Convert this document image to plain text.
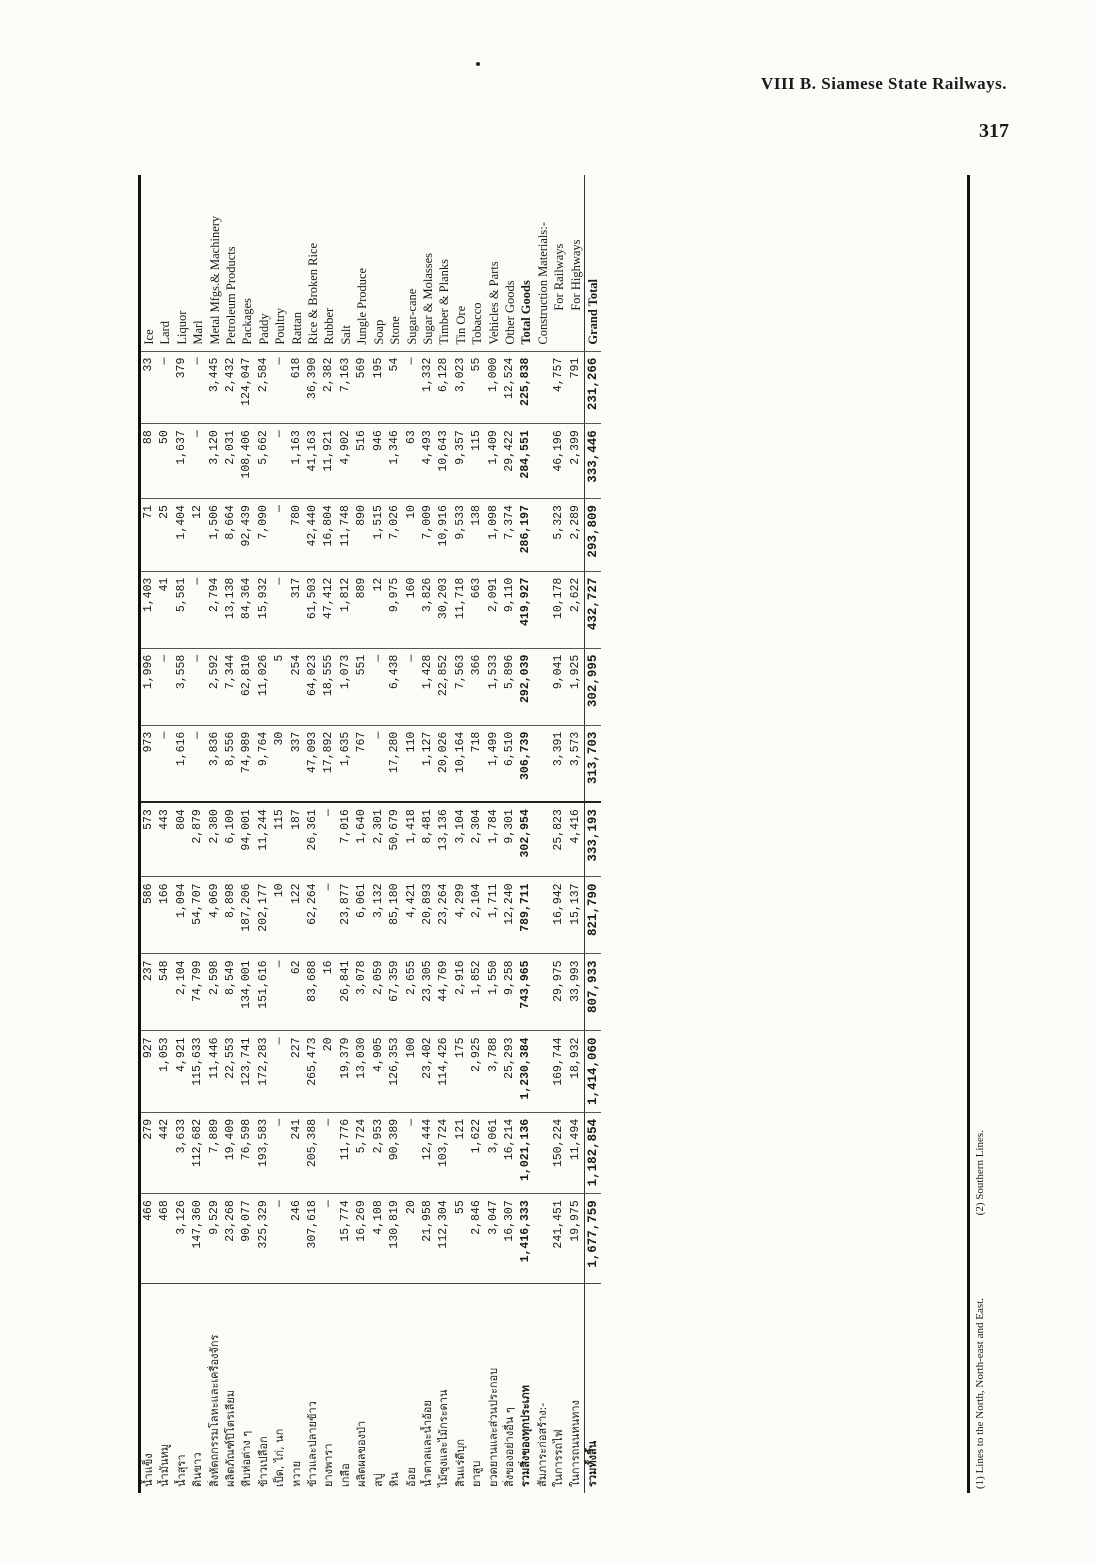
VIII B. Siamese State Railways.
317
น้ำแข็ง	466	279	927	237	586	573	973	1,996	1,403	71	88	33	Ice
น้ำมันหมู	468	442	1,053	548	166	443	—	—	41	25	50	—	Lard
น้ำสุรา	3,126	3,633	4,921	2,104	1,094	804	1,616	3,558	5,581	1,404	1,637	379	Liquor
ดินขาว	147,360	112,682	115,633	74,799	54,707	2,879	—	—	—	12	—	—	Marl
สิ่งหัตถกรรมโลหะและเครื่องจักร	9,529	7,889	11,446	2,598	4,069	2,380	3,836	2,592	2,794	1,506	3,120	3,445	Metal Mfgs.& Machinery
ผลิตภัณฑ์ปิโตรเลียม	23,268	19,409	22,553	8,549	8,898	6,109	8,556	7,344	13,138	8,664	2,031	2,432	Petroleum Products
หีบห่อต่าง ๆ	90,077	76,598	123,741	134,001	187,206	94,001	74,989	62,810	84,364	92,439	108,406	124,047	Packages
ข้าวเปลือก	325,329	193,583	172,283	151,616	202,177	11,244	9,764	11,026	15,932	7,090	5,662	2,584	Paddy
เป็ด, ไก่, นก	—	—	—	—	10	115	30	5	—	—	—	—	Poultry
หวาย	246	241	227	62	122	187	337	254	317	780	1,163	618	Rattan
ข้าวและปลายข้าว	307,618	205,388	265,473	83,688	62,264	26,361	47,093	64,023	61,503	42,440	41,163	36,390	Rice & Broken Rice
ยางพารา	—	—	20	16	—	—	17,892	18,555	47,412	16,804	11,921	2,382	Rubber
เกลือ	15,774	11,776	19,379	26,841	23,877	7,016	1,635	1,073	1,812	11,748	4,902	7,163	Salt
ผลิตผลของป่า	16,269	5,724	13,030	3,078	6,061	1,640	767	551	889	890	516	569	Jungle Produce
สบู่	4,108	2,953	4,905	2,059	3,132	2,301	—	—	12	1,515	946	195	Soap
หิน	130,819	90,389	126,353	67,359	85,180	50,679	17,280	6,438	9,975	7,026	1,346	54	Stone
อ้อย	20	—	100	2,655	4,421	1,418	110	—	160	10	63	—	Sugar-cane
น้ำตาลและน้ำอ้อย	21,958	12,444	23,402	23,305	20,893	8,481	1,127	1,428	3,826	7,009	4,493	1,332	Sugar & Molasses
ไม้ซุงและไม้กระดาน	112,304	103,724	114,426	44,769	23,264	13,136	20,026	22,852	30,203	10,916	10,643	6,128	Timber & Planks
สินแร่ดีบุก	55	121	175	2,916	4,299	3,104	10,164	7,563	11,718	9,533	9,357	3,023	Tin Ore
ยาสูบ	2,846	1,622	2,925	1,852	2,104	2,304	718	366	663	138	115	55	Tobacco
ยวดยานและส่วนประกอบ	3,047	3,061	3,788	1,550	1,711	1,784	1,499	1,533	2,091	1,098	1,409	1,000	Vehicles & Parts
สิ่งของอย่างอื่น ๆ	16,307	16,214	25,293	9,258	12,240	9,301	6,510	5,896	9,110	7,374	29,422	12,524	Other Goods
รวมสิ่งของทุกประเภท	1,416,333	1,021,136	1,230,384	743,965	789,711	302,954	306,739	292,039	419,927	286,197	284,551	225,838	Total Goods
สัมภาระก่อสร้าง:-													Construction Materials:-
ในการรถไฟ	241,451	150,224	169,744	29,975	16,942	25,823	3,391	9,041	10,178	5,323	46,196	4,757	For Railways
ในการถนนหนทาง	19,975	11,494	18,932	33,993	15,137	4,416	3,573	1,925	2,622	2,289	2,399	791	For Highways
รวมทั้งสิ้น	1,677,759	1,182,854	1,414,060	807,933	821,790	333,193	313,703	302,995	432,727	293,809	333,446	231,266	Grand Total
(1) Lines to the North, North-east and East. (2) Southern Lines.
